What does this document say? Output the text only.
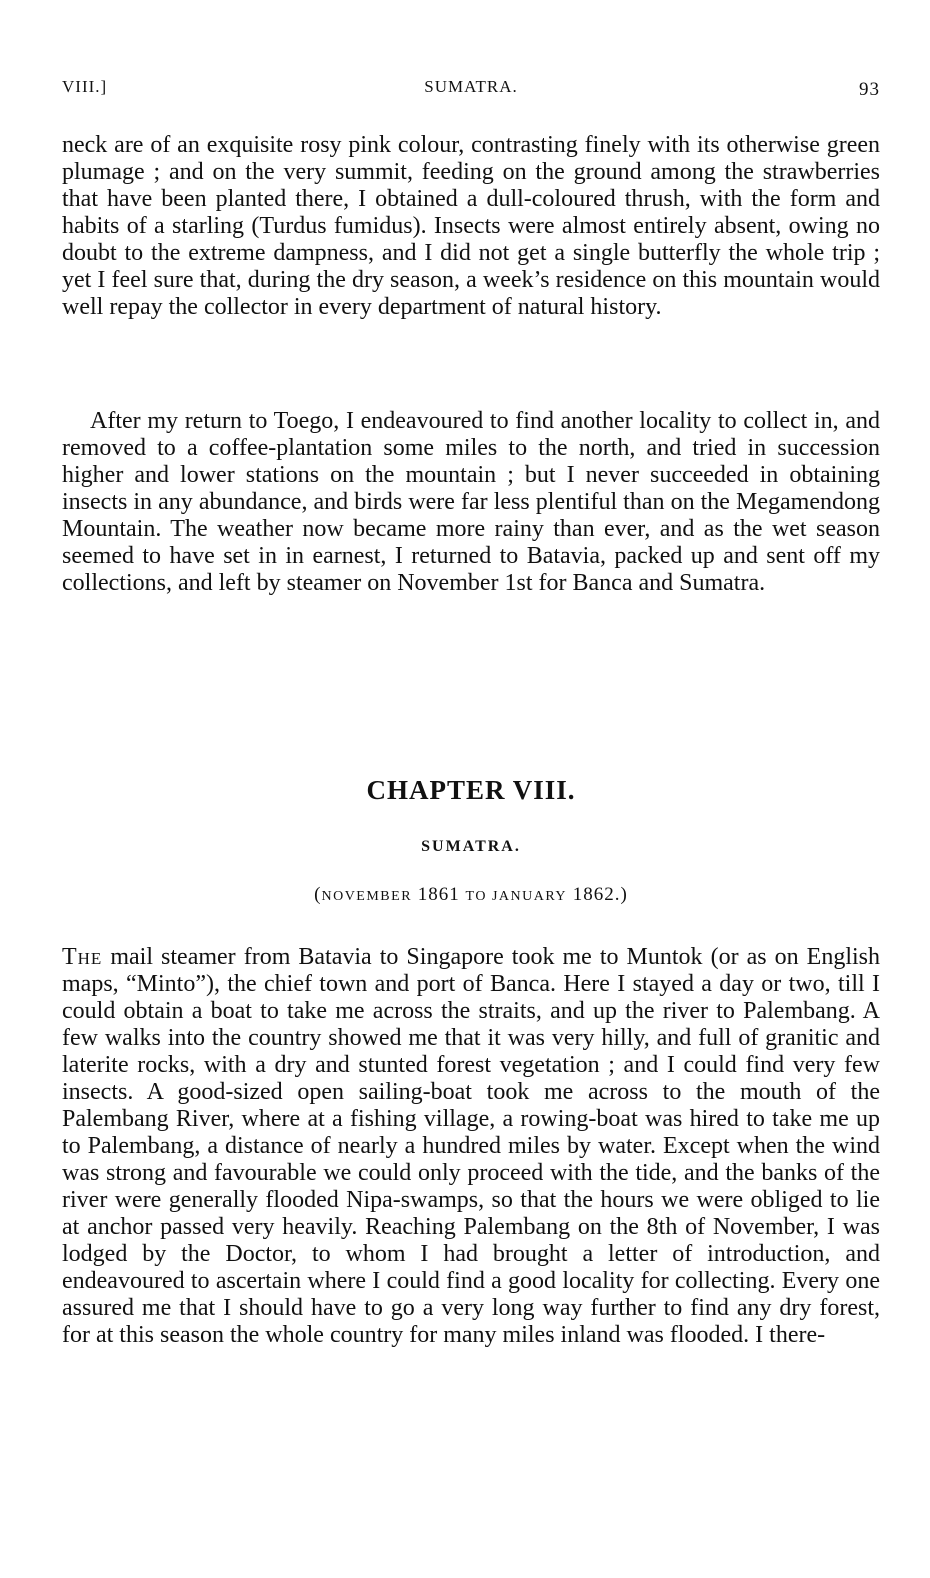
VIII.]	SUMATRA.	93

neck are of an exquisite rosy pink colour, contrasting finely with its otherwise green plumage ; and on the very summit, feeding on the ground among the strawberries that have been planted there, I obtained a dull-coloured thrush, with the form and habits of a starling (Turdus fumidus). Insects were almost entirely absent, owing no doubt to the extreme dampness, and I did not get a single butterfly the whole trip ; yet I feel sure that, during the dry season, a week’s residence on this mountain would well repay the collector in every department of natural history.

After my return to Toego, I endeavoured to find another locality to collect in, and removed to a coffee-plantation some miles to the north, and tried in succession higher and lower stations on the mountain ; but I never succeeded in obtaining insects in any abundance, and birds were far less plentiful than on the Megamendong Mountain. The weather now became more rainy than ever, and as the wet season seemed to have set in in earnest, I returned to Batavia, packed up and sent off my collections, and left by steamer on November 1st for Banca and Sumatra.

CHAPTER VIII.
SUMATRA.

(NOVEMBER 1861 TO JANUARY 1862.)

The mail steamer from Batavia to Singapore took me to Muntok (or as on English maps, “Minto”), the chief town and port of Banca. Here I stayed a day or two, till I could obtain a boat to take me across the straits, and up the river to Palembang. A few walks into the country showed me that it was very hilly, and full of granitic and laterite rocks, with a dry and stunted forest vegetation ; and I could find very few insects. A good-sized open sailing-boat took me across to the mouth of the Palembang River, where at a fishing village, a rowing-boat was hired to take me up to Palembang, a distance of nearly a hundred miles by water. Except when the wind was strong and favourable we could only proceed with the tide, and the banks of the river were generally flooded Nipa-swamps, so that the hours we were obliged to lie at anchor passed very heavily. Reaching Palembang on the 8th of November, I was lodged by the Doctor, to whom I had brought a letter of introduction, and endeavoured to ascertain where I could find a good locality for collecting. Every one assured me that I should have to go a very long way further to find any dry forest, for at this season the whole country for many miles inland was flooded. I there-
